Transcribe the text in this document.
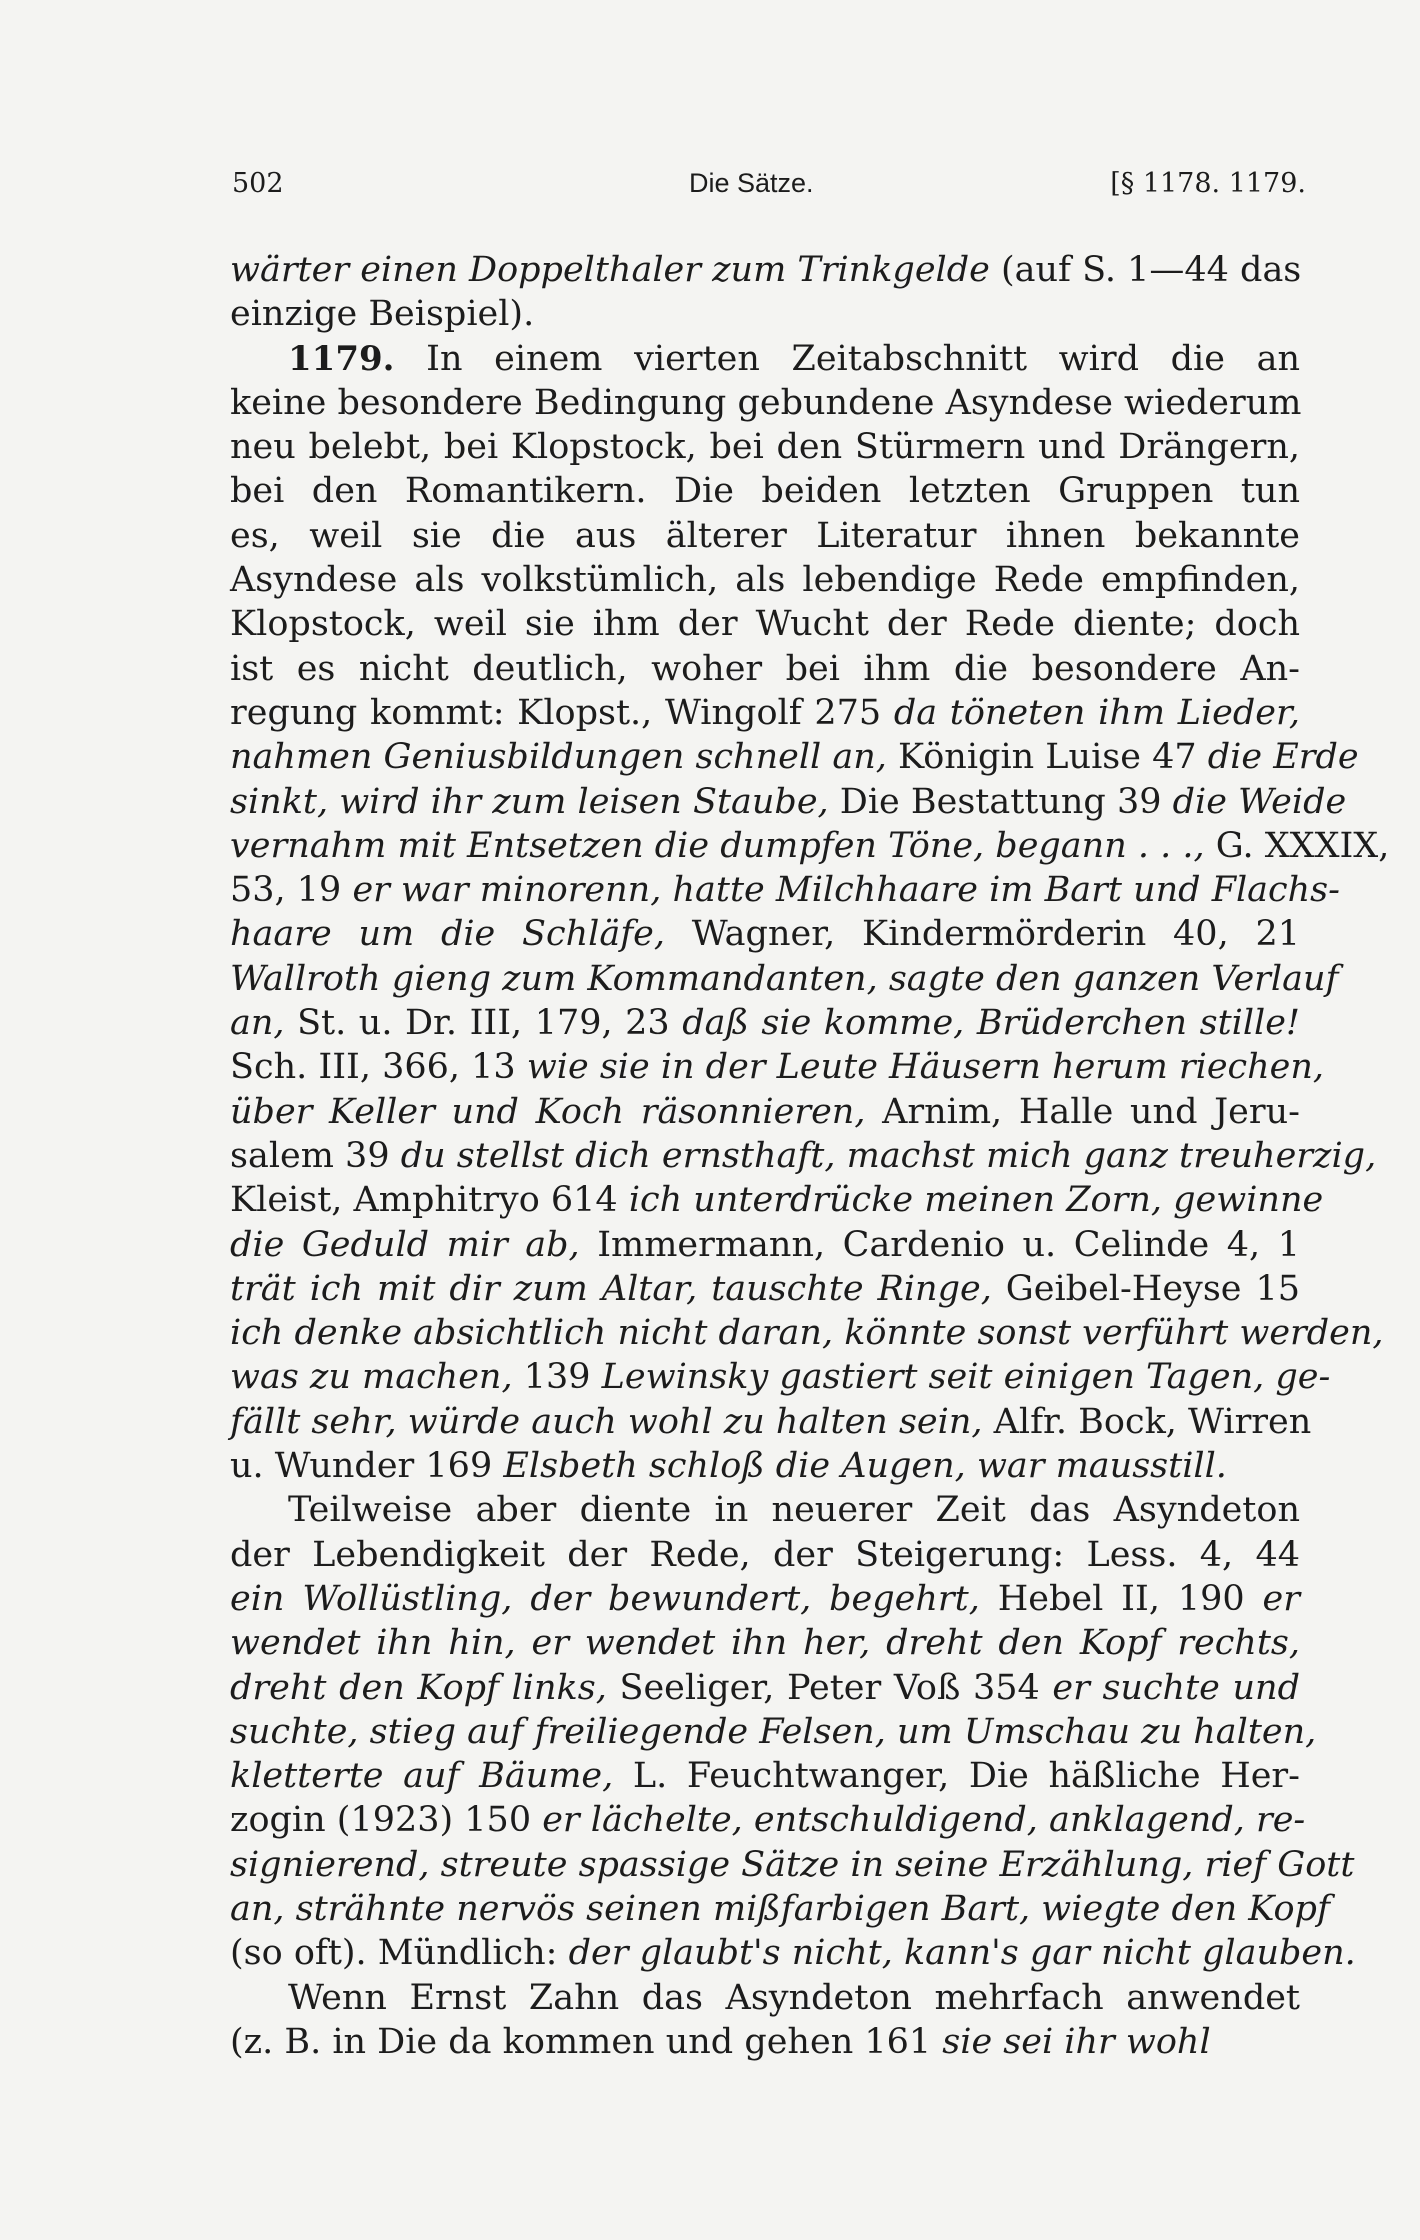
502	Die Sätze.	[§ 1178. 1179.
wärter einen Doppelthaler zum Trinkgelde (auf S. 1—44 das
einzige Beispiel).
1179. In einem vierten Zeitabschnitt wird die an
keine besondere Bedingung gebundene Asyndese wiederum
neu belebt, bei Klopstock, bei den Stürmern und Drängern,
bei den Romantikern. Die beiden letzten Gruppen tun
es, weil sie die aus älterer Literatur ihnen bekannte
Asyndese als volkstümlich, als lebendige Rede empfinden,
Klopstock, weil sie ihm der Wucht der Rede diente; doch
ist es nicht deutlich, woher bei ihm die besondere An-
regung kommt: Klopst., Wingolf 275 da töneten ihm Lieder,
nahmen Geniusbildungen schnell an, Königin Luise 47 die Erde
sinkt, wird ihr zum leisen Staube, Die Bestattung 39 die Weide
vernahm mit Entsetzen die dumpfen Töne, begann . . ., G. XXXIX,
53, 19 er war minorenn, hatte Milchhaare im Bart und Flachs-
haare um die Schläfe, Wagner, Kindermörderin 40, 21
Wallroth gieng zum Kommandanten, sagte den ganzen Verlauf
an, St. u. Dr. III, 179, 23 daß sie komme, Brüderchen stille!
Sch. III, 366, 13 wie sie in der Leute Häusern herum riechen,
über Keller und Koch räsonnieren, Arnim, Halle und Jeru-
salem 39 du stellst dich ernsthaft, machst mich ganz treuherzig,
Kleist, Amphitryo 614 ich unterdrücke meinen Zorn, gewinne
die Geduld mir ab, Immermann, Cardenio u. Celinde 4, 1
trät ich mit dir zum Altar, tauschte Ringe, Geibel-Heyse 15
ich denke absichtlich nicht daran, könnte sonst verführt werden,
was zu machen, 139 Lewinsky gastiert seit einigen Tagen, ge-
fällt sehr, würde auch wohl zu halten sein, Alfr. Bock, Wirren
u. Wunder 169 Elsbeth schloß die Augen, war mausstill.
Teilweise aber diente in neuerer Zeit das Asyndeton
der Lebendigkeit der Rede, der Steigerung: Less. 4, 44
ein Wollüstling, der bewundert, begehrt, Hebel II, 190 er
wendet ihn hin, er wendet ihn her, dreht den Kopf rechts,
dreht den Kopf links, Seeliger, Peter Voß 354 er suchte und
suchte, stieg auf freiliegende Felsen, um Umschau zu halten,
kletterte auf Bäume, L. Feuchtwanger, Die häßliche Her-
zogin (1923) 150 er lächelte, entschuldigend, anklagend, re-
signierend, streute spassige Sätze in seine Erzählung, rief Gott
an, strähnte nervös seinen mißfarbigen Bart, wiegte den Kopf
(so oft). Mündlich: der glaubt's nicht, kann's gar nicht glauben.
Wenn Ernst Zahn das Asyndeton mehrfach anwendet
(z. B. in Die da kommen und gehen 161 sie sei ihr wohl
